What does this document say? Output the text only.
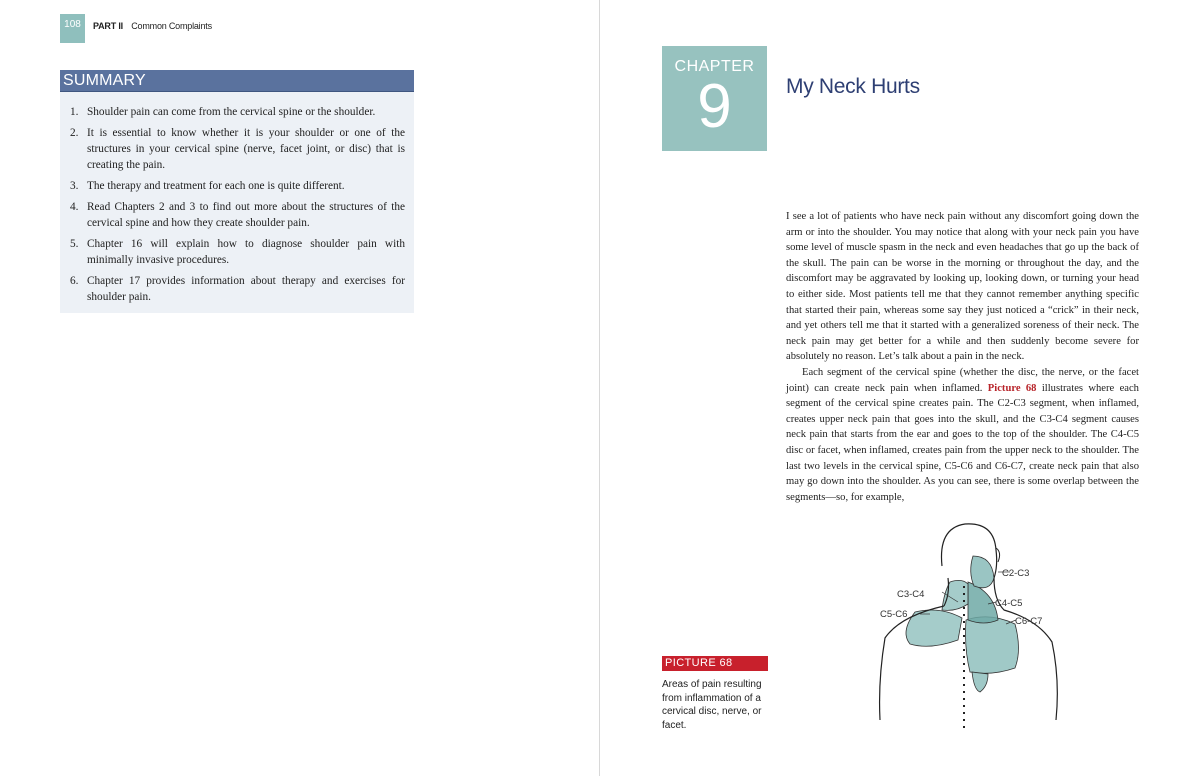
108	PART II Common Complaints
SUMMARY
1. Shoulder pain can come from the cervical spine or the shoulder.
2. It is essential to know whether it is your shoulder or one of the structures in your cervical spine (nerve, facet joint, or disc) that is creating the pain.
3. The therapy and treatment for each one is quite different.
4. Read Chapters 2 and 3 to find out more about the structures of the cervical spine and how they create shoulder pain.
5. Chapter 16 will explain how to diagnose shoulder pain with minimally invasive procedures.
6. Chapter 17 provides information about therapy and exercises for shoulder pain.
CHAPTER
9	My Neck Hurts

I see a lot of patients who have neck pain without any discomfort going down the arm or into the shoulder. You may notice that along with your neck pain you have some level of muscle spasm in the neck and even headaches that go up the back of the skull. The pain can be worse in the morning or throughout the day, and the discomfort may be aggravated by looking up, looking down, or turning your head to either side. Most patients tell me that they cannot remember anything specific that started their pain, whereas some say they just noticed a “crick” in their neck, and yet others tell me that it started with a generalized soreness of their neck. The neck pain may get better for a while and then suddenly become severe for absolutely no reason. Let’s talk about a pain in the neck.

Each segment of the cervical spine (whether the disc, the nerve, or the facet joint) can create neck pain when inflamed. Picture 68 illustrates where each segment of the cervical spine creates pain. The C2-C3 segment, when inflamed, creates upper neck pain that goes into the skull, and the C3-C4 segment causes neck pain that starts from the ear and goes to the top of the shoulder. The C4-C5 disc or facet, when inflamed, creates pain from the upper neck to the shoulder. The last two levels in the cervical spine, C5-C6 and C6-C7, create neck pain that also may go down into the shoulder. As you can see, there is some overlap between the segments—so, for example,

PICTURE 68
Areas of pain resulting from inflammation of a cervical disc, nerve, or facet.
C2-C3
C3-C4
C4-C5
C5-C6
C6-C7
